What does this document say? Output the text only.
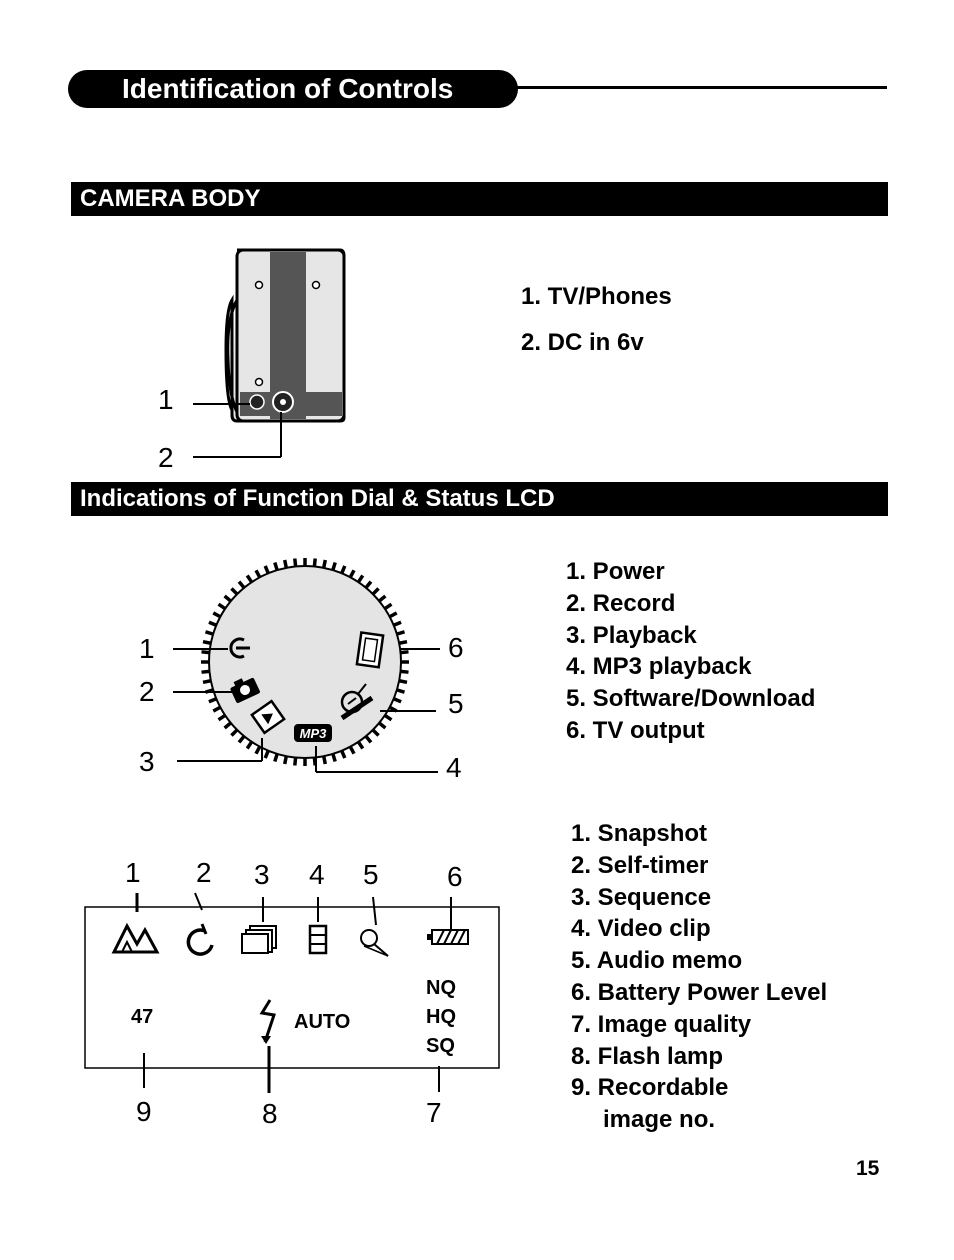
Identification of Controls
CAMERA BODY
1
2
1. TV/Phones
2. DC in 6v
Indications of Function Dial & Status LCD
MP3
1
2
3	4
5
6
1. Power
2. Record
3. Playback
4. MP3 playback
5. Software/Download
6. TV output
1 2 3 4 5 6
47	AUTO
NQ
HQ
SQ
9	8	7
1. Snapshot
2. Self-timer
3. Sequence
4. Video clip
5. Audio memo
6. Battery Power Level
7. Image quality
8. Flash lamp
9. Recordable
image no.
15
